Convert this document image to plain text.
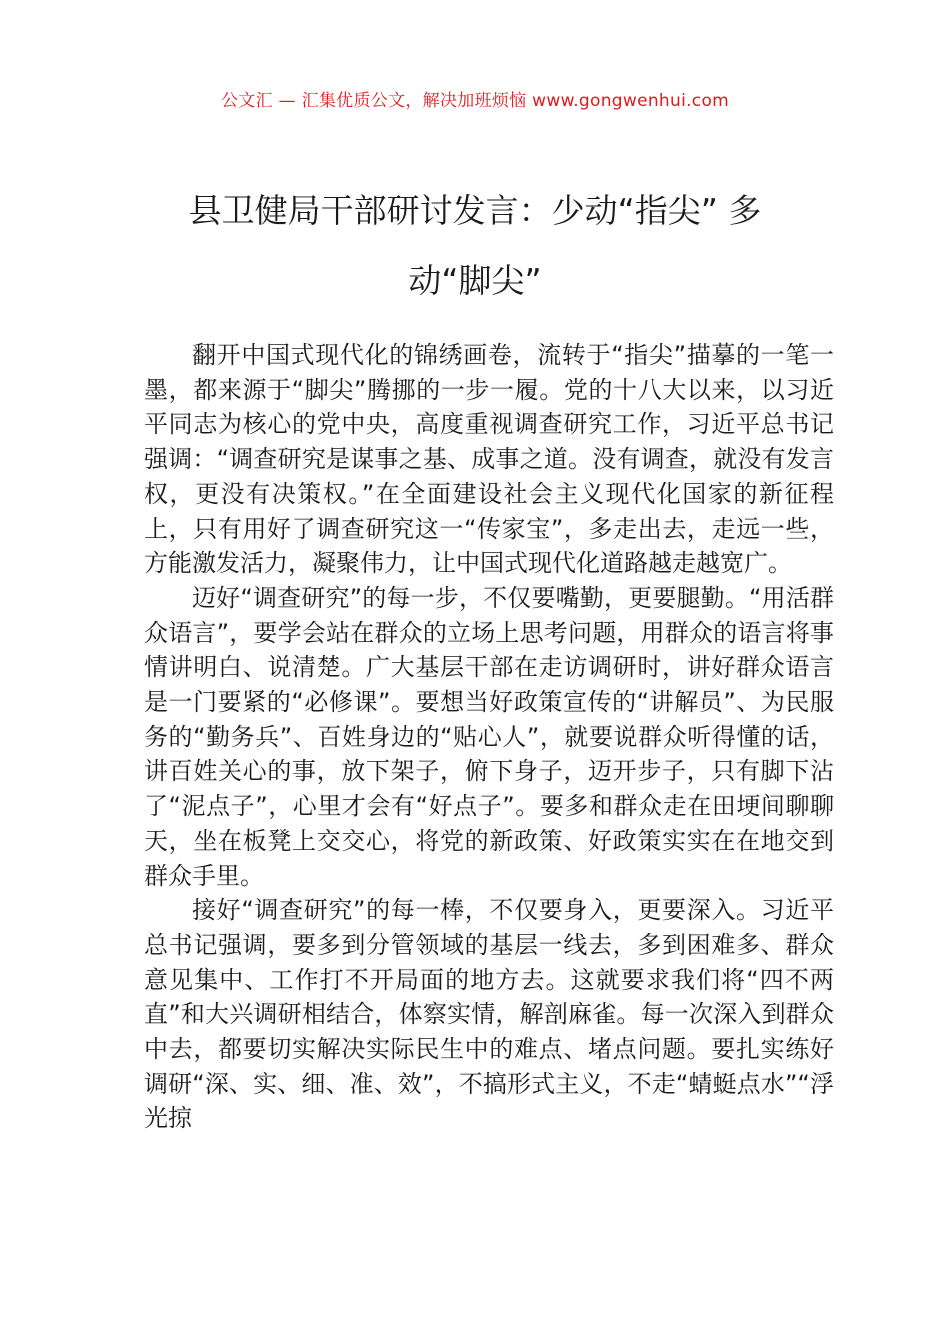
公文汇 — 汇集优质公文，解决加班烦恼 www.gongwenhui.com
县卫健局干部研讨发言：少动“指尖” 多
动“脚尖”

翻开中国式现代化的锦绣画卷，流转于“指尖”描摹的一笔一墨，都来源于“脚尖”腾挪的一步一履。党的十八大以来，以习近平同志为核心的党中央，高度重视调查研究工作，习近平总书记强调：“调查研究是谋事之基、成事之道。没有调查，就没有发言权，更没有决策权。”在全面建设社会主义现代化国家的新征程上，只有用好了调查研究这一“传家宝”，多走出去，走远一些，方能激发活力，凝聚伟力，让中国式现代化道路越走越宽广。

迈好“调查研究”的每一步，不仅要嘴勤，更要腿勤。“用活群众语言”，要学会站在群众的立场上思考问题，用群众的语言将事情讲明白、说清楚。广大基层干部在走访调研时，讲好群众语言是一门要紧的“必修课”。要想当好政策宣传的“讲解员”、为民服务的“勤务兵”、百姓身边的“贴心人”，就要说群众听得懂的话，讲百姓关心的事，放下架子，俯下身子，迈开步子，只有脚下沾了“泥点子”，心里才会有“好点子”。要多和群众走在田埂间聊聊天，坐在板凳上交交心，将党的新政策、好政策实实在在地交到群众手里。

接好“调查研究”的每一棒，不仅要身入，更要深入。习近平总书记强调，要多到分管领域的基层一线去，多到困难多、群众意见集中、工作打不开局面的地方去。这就要求我们将“四不两直”和大兴调研相结合，体察实情，解剖麻雀。每一次深入到群众中去，都要切实解决实际民生中的难点、堵点问题。要扎实练好调研“深、实、细、准、效”，不搞形式主义，不走“蜻蜓点水”“浮光掠
